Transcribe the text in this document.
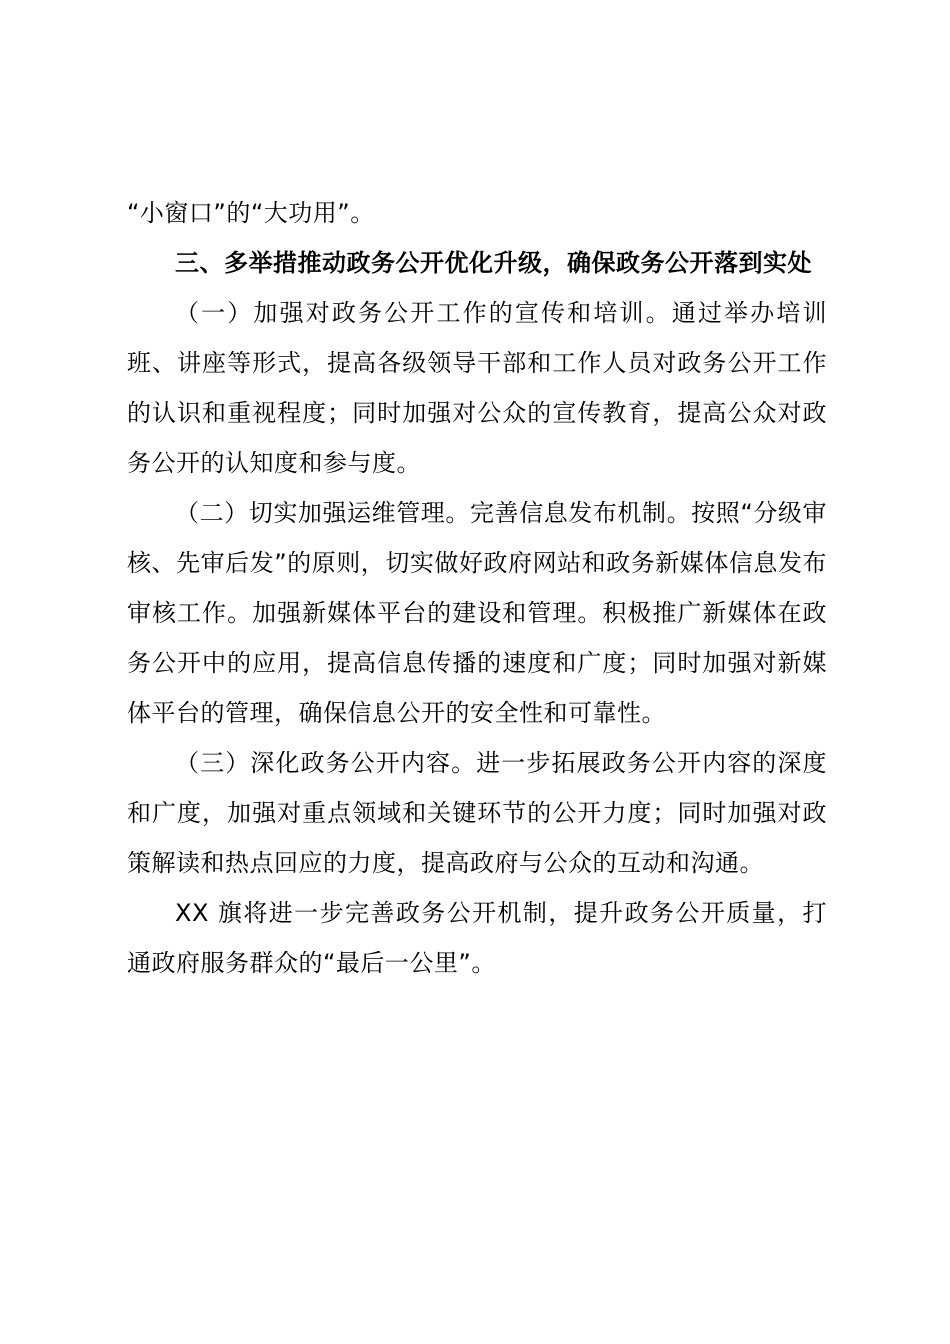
“小窗口”的“大功用”。

三、多举措推动政务公开优化升级，确保政务公开落到实处

（一）加强对政务公开工作的宣传和培训。通过举办培训班、讲座等形式，提高各级领导干部和工作人员对政务公开工作的认识和重视程度；同时加强对公众的宣传教育，提高公众对政务公开的认知度和参与度。

（二）切实加强运维管理。完善信息发布机制。按照“分级审核、先审后发”的原则，切实做好政府网站和政务新媒体信息发布审核工作。加强新媒体平台的建设和管理。积极推广新媒体在政务公开中的应用，提高信息传播的速度和广度；同时加强对新媒体平台的管理，确保信息公开的安全性和可靠性。

（三）深化政务公开内容。进一步拓展政务公开内容的深度和广度，加强对重点领域和关键环节的公开力度；同时加强对政策解读和热点回应的力度，提高政府与公众的互动和沟通。

XX 旗将进一步完善政务公开机制，提升政务公开质量，打通政府服务群众的“最后一公里”。
